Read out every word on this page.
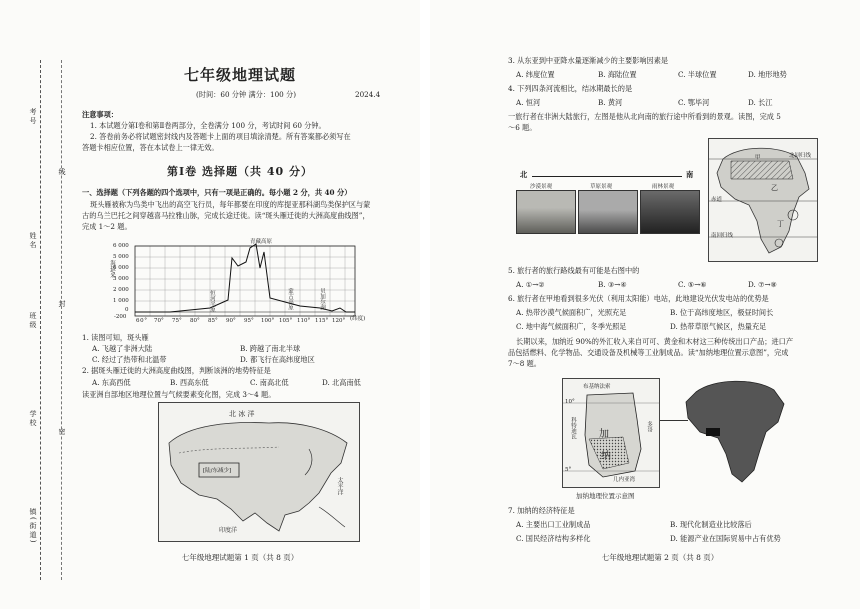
考号
姓名
班级
学校
镇(街道)
线
封
密
七年级地理试题
(时间：60 分钟 满分：100 分)	2024.4
注意事项：
1. 本试题分第Ⅰ卷和第Ⅱ卷两部分，全卷满分 100 分，考试时间 60 分钟。
2. 答卷前务必将试题密封线内及答题卡上面的项目填涂清楚。所有答案都必须写在
答题卡相应位置，答在本试卷上一律无效。
第Ⅰ卷 选择题（共 40 分）
一、选择题（下列各题的四个选项中，只有一项是正确的。每小题 2 分，共 40 分）
斑头雁被称为鸟类中飞出的高空飞行员，每年都要在印度的库提亚那科湖鸟类保护区与蒙
古的乌兰巴托之间穿越喜马拉雅山脉，完成长途迁徙。读“斑头雁迁徙的大洲高度曲线图”，
完成 1～2 题。
海拔/米
6 000
5 000
4 000
3 000
2 000
1 000
0
-200
青藏高原
恒河平原	蒙古高原	贝加尔湖
60° 70° 75° 80° 85° 90° 95° 100° 105° 110° 115° 120° (纬度)
1. 读图可知，斑头雁
A. 飞越了非洲大陆	B. 跨越了南北半球
C. 经过了热带和北温带	D. 都飞行在高纬度地区
2. 据斑头雁迁徙的大洲高度曲线图，判断该洲的地势特征是
A. 东高西低	B. 西高东低	C. 南高北低	D. 北高南低
读亚洲自部地区地理位置与气候要素变化图，完成 3～4 题。
北 冰 洋
太平洋
印度洋
[陆/东减少]
七年级地理试题第 1 页（共 8 页）
3. 从东亚到中亚降水量逐渐减少的主要影响因素是
A. 纬度位置	B. 海陆位置	C. 半球位置	D. 地形地势
4. 下列四条河流相比，结冰期最长的是
A. 恒河	B. 黄河	C. 鄂毕河	D. 长江
一旅行者在非洲大陆旅行，左图是他从北向南的旅行途中所看到的景观。读图，完成 5
～6 题。
北	南
沙漠景观	草原景观	雨林景观
甲
乙
丁
赤道
北回归线
南回归线
5. 旅行者的旅行路线最有可能是右图中的
A. ①→②	B. ③→④	C. ⑤→⑥	D. ⑦→⑧
6. 旅行者在甲地看到很多光伏（利用太阳能）电站，此地建设光伏发电站的优势是
A. 热带沙漠气候面积广，光照充足	B. 位于高纬度地区，极昼时间长
C. 地中海气候面积广，冬季光照足	D. 热带草原气候区，热量充足
长期以来，加纳近 90%的外汇收入来自可可、黄金和木材这三种传统出口产品；进口产
品包括燃料、化学物品、交通设备及机械等工业制成品。读“加纳地理位置示意图”，完成
7～8 题。
布基纳法索
加
纳
科特迪瓦	多哥
几内亚湾
5°
10°
加纳地理位置示意图
7. 加纳的经济特征是
A. 主要出口工业制成品	B. 现代化制造业比较落后
C. 国民经济结构多样化	D. 能源产业在国际贸易中占有优势
七年级地理试题第 2 页（共 8 页）
